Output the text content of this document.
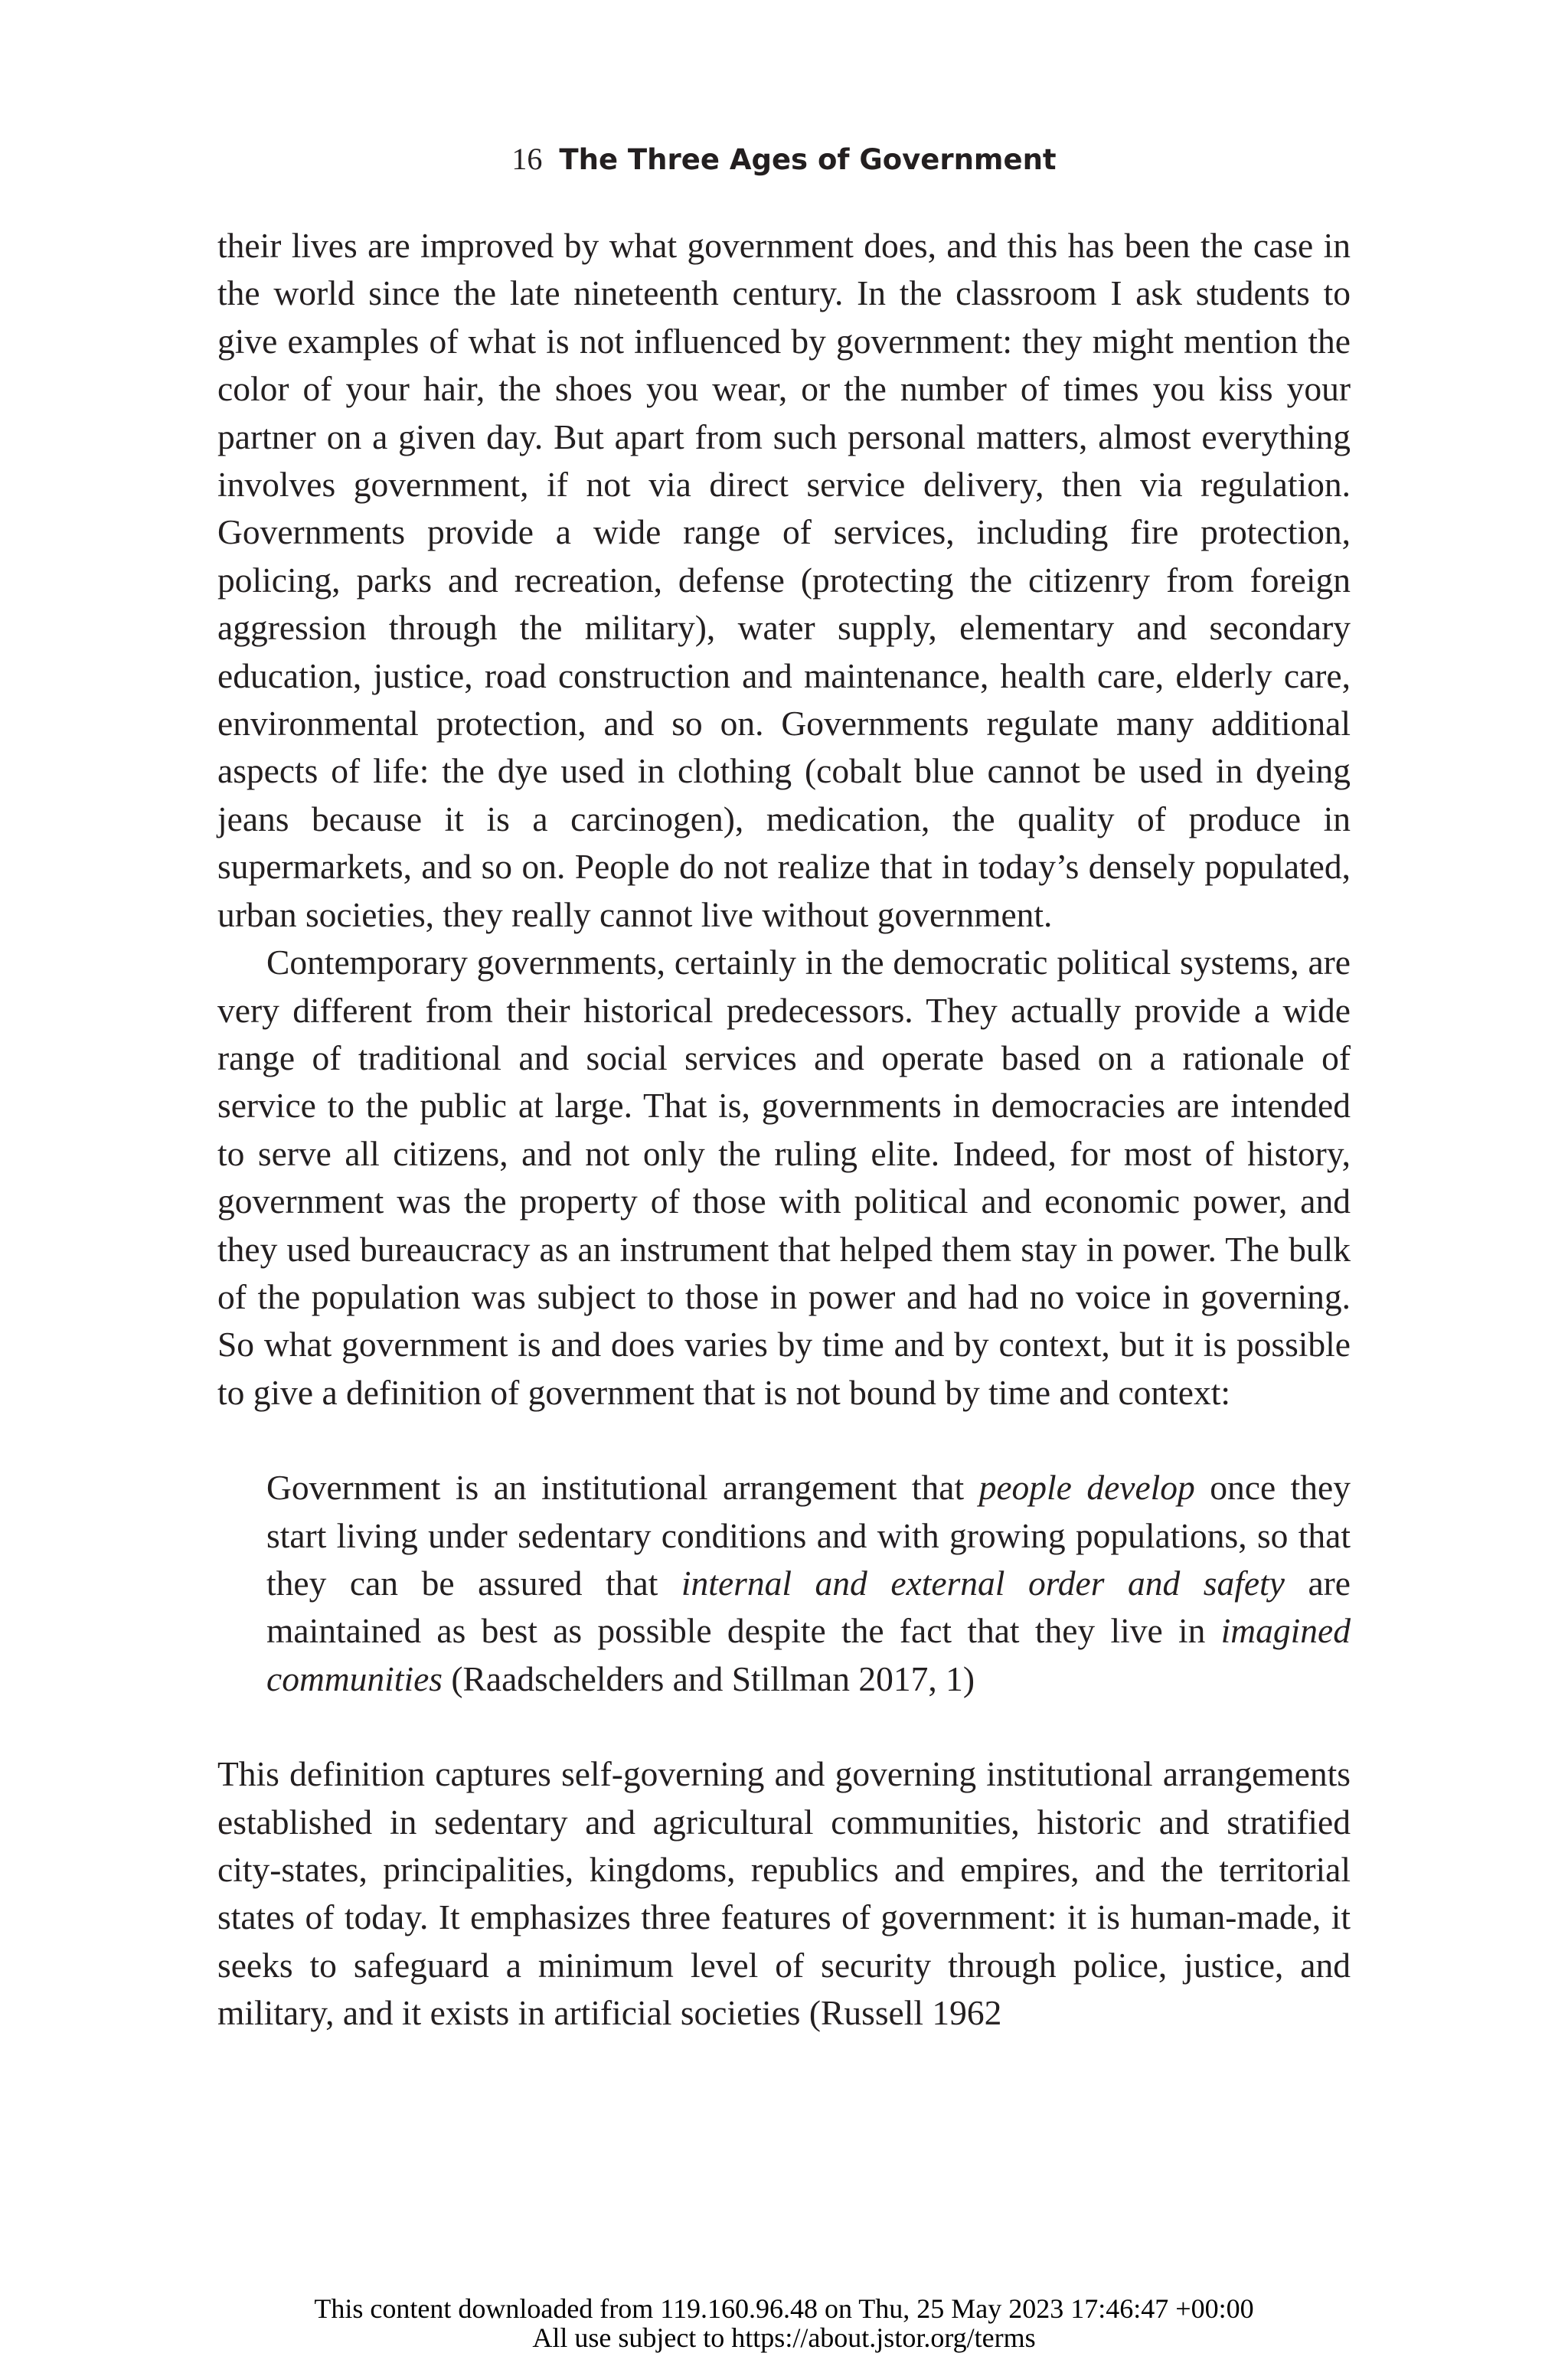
16 The Three Ages of Government

their lives are improved by what government does, and this has been the case in the world since the late nineteenth century. In the classroom I ask students to give examples of what is not influenced by government: they might mention the color of your hair, the shoes you wear, or the number of times you kiss your partner on a given day. But apart from such personal matters, almost everything involves government, if not via direct service delivery, then via regulation. Governments provide a wide range of services, including fire protection, policing, parks and recreation, defense (protecting the citizenry from foreign aggression through the military), water supply, elementary and secondary education, justice, road construction and maintenance, health care, elderly care, environmental protection, and so on. Governments regulate many additional aspects of life: the dye used in clothing (cobalt blue cannot be used in dyeing jeans because it is a carcinogen), medication, the quality of produce in supermarkets, and so on. People do not realize that in today’s densely populated, urban societies, they really cannot live without government.

Contemporary governments, certainly in the democratic political systems, are very different from their historical predecessors. They actually provide a wide range of traditional and social services and operate based on a rationale of service to the public at large. That is, governments in democracies are intended to serve all citizens, and not only the ruling elite. Indeed, for most of history, government was the property of those with political and economic power, and they used bureaucracy as an instrument that helped them stay in power. The bulk of the population was subject to those in power and had no voice in governing. So what government is and does varies by time and by context, but it is possible to give a definition of government that is not bound by time and context:

Government is an institutional arrangement that people develop once they start living under sedentary conditions and with growing populations, so that they can be assured that internal and external order and safety are maintained as best as possible despite the fact that they live in imagined communities (Raadschelders and Stillman 2017, 1)

This definition captures self-governing and governing institutional arrangements established in sedentary and agricultural communities, historic and stratified city-states, principalities, kingdoms, republics and empires, and the territorial states of today. It emphasizes three features of government: it is human-made, it seeks to safeguard a minimum level of security through police, justice, and military, and it exists in artificial societies (Russell 1962

This content downloaded from 119.160.96.48 on Thu, 25 May 2023 17:46:47 +00:00
All use subject to https://about.jstor.org/terms
